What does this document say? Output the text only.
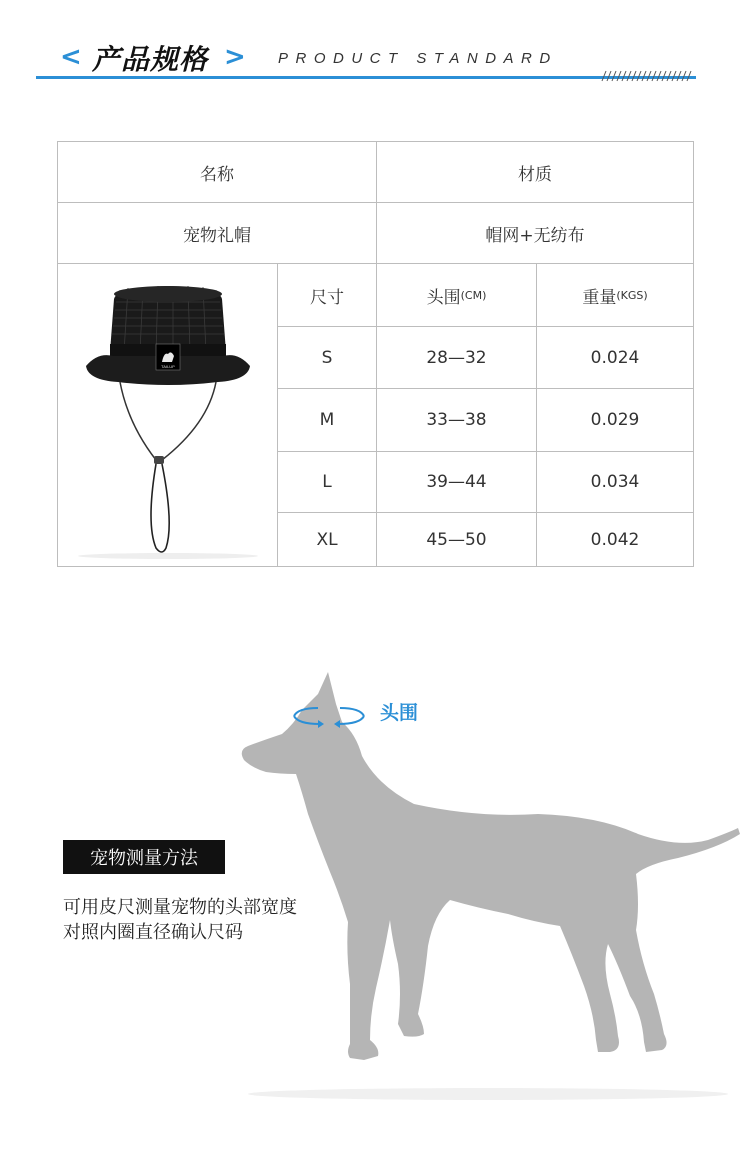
< 产品规格 > PRODUCT STANDARD
名称	材质
宠物礼帽	帽网+无纺布
TAILUP
尺寸	头围 (CM)	重量 (KGS)
S	28—32	0.024
M	33—38	0.029
L	39—44	0.034
XL	45—50	0.042
头围
宠物测量方法
可用皮尺测量宠物的头部宽度
对照内圈直径确认尺码
